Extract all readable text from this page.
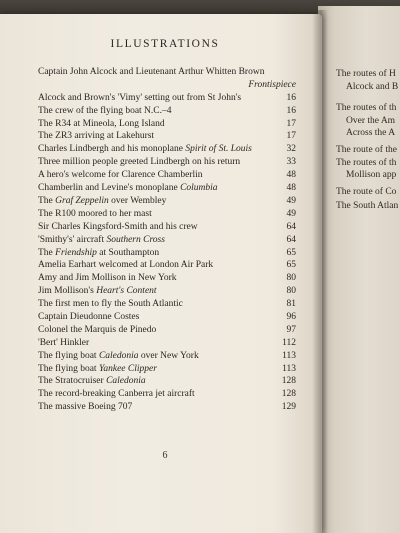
ILLUSTRATIONS
Captain John Alcock and Lieutenant Arthur Whitten Brown
Frontispiece
Alcock and Brown's 'Vimy' setting out from St John's	16
The crew of the flying boat N.C.–4	16
The R34 at Mineola, Long Island	17
The ZR3 arriving at Lakehurst	17
Charles Lindbergh and his monoplane Spirit of St. Louis	32
Three million people greeted Lindbergh on his return	33
A hero's welcome for Clarence Chamberlin	48
Chamberlin and Levine's monoplane Columbia	48
The Graf Zeppelin over Wembley	49
The R100 moored to her mast	49
Sir Charles Kingsford-Smith and his crew	64
'Smithy's' aircraft Southern Cross	64
The Friendship at Southampton	65
Amelia Earhart welcomed at London Air Park	65
Amy and Jim Mollison in New York	80
Jim Mollison's Heart's Content	80
The first men to fly the South Atlantic	81
Captain Dieudonne Costes	96
Colonel the Marquis de Pinedo	97
'Bert' Hinkler	112
The flying boat Caledonia over New York	113
The flying boat Yankee Clipper	113
The Stratocruiser Caledonia	128
The record-breaking Canberra jet aircraft	128
The massive Boeing 707	129
6
The routes of H
Alcock and B
The routes of th
Over the Am
Across the A
The route of the
The routes of th
Mollison app
The route of Co
The South Atlan
